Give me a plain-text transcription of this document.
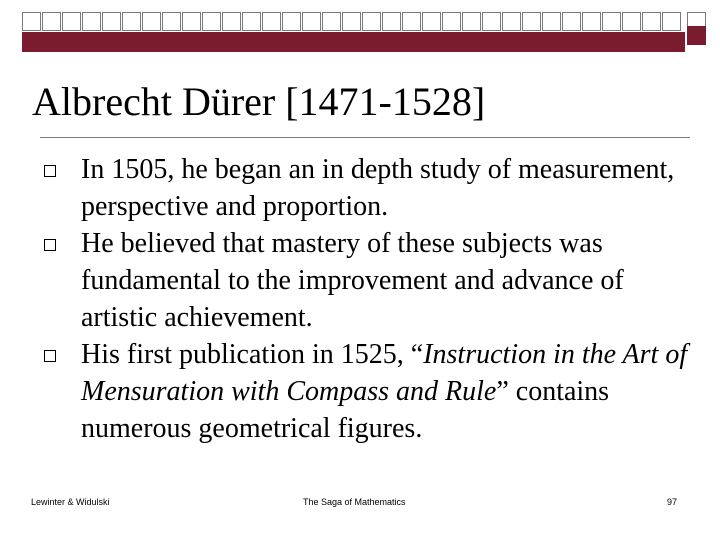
Albrecht Dürer [1471-1528]
In 1505, he began an in depth study of measurement, perspective and proportion.
He believed that mastery of these subjects was fundamental to the improvement and advance of artistic achievement.
His first publication in 1525, “Instruction in the Art of Mensuration with Compass and Rule” contains numerous geometrical figures.
Lewinter & Widulski	The Saga of Mathematics	97
